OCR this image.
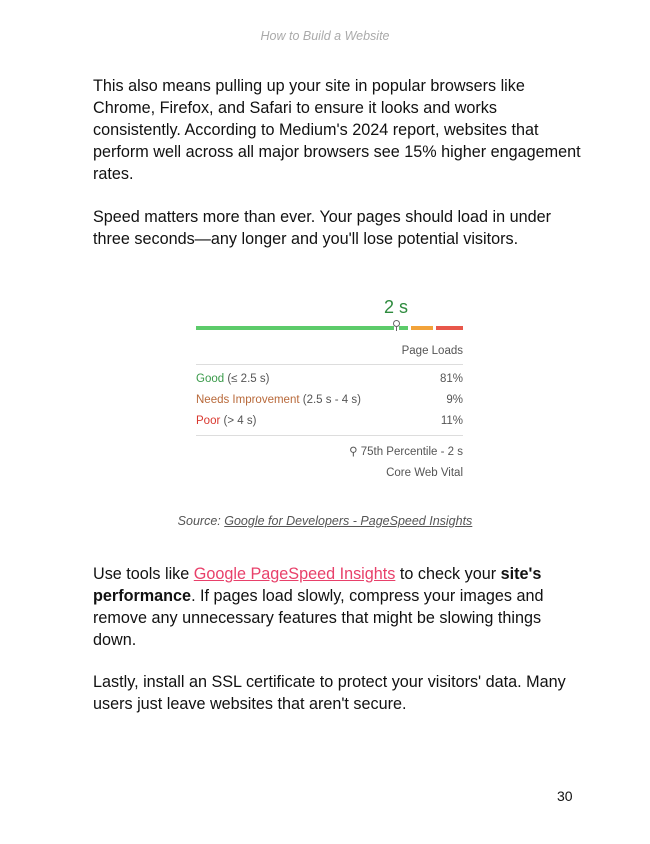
How to Build a Website

This also means pulling up your site in popular browsers like Chrome, Firefox, and Safari to ensure it looks and works consistently. According to Medium's 2024 report, websites that perform well across all major browsers see 15% higher engagement rates.

Speed matters more than ever. Your pages should load in under three seconds—any longer and you'll lose potential visitors.

2 s
Page Loads
Good (≤ 2.5 s)	81%
Needs Improvement (2.5 s - 4 s)	9%
Poor (> 4 s)	11%
⚲ 75th Percentile - 2 s
Core Web Vital
Source: Google for Developers - PageSpeed Insights

Use tools like Google PageSpeed Insights to check your site's performance. If pages load slowly, compress your images and remove any unnecessary features that might be slowing things down.

Lastly, install an SSL certificate to protect your visitors' data. Many users just leave websites that aren't secure.

30
